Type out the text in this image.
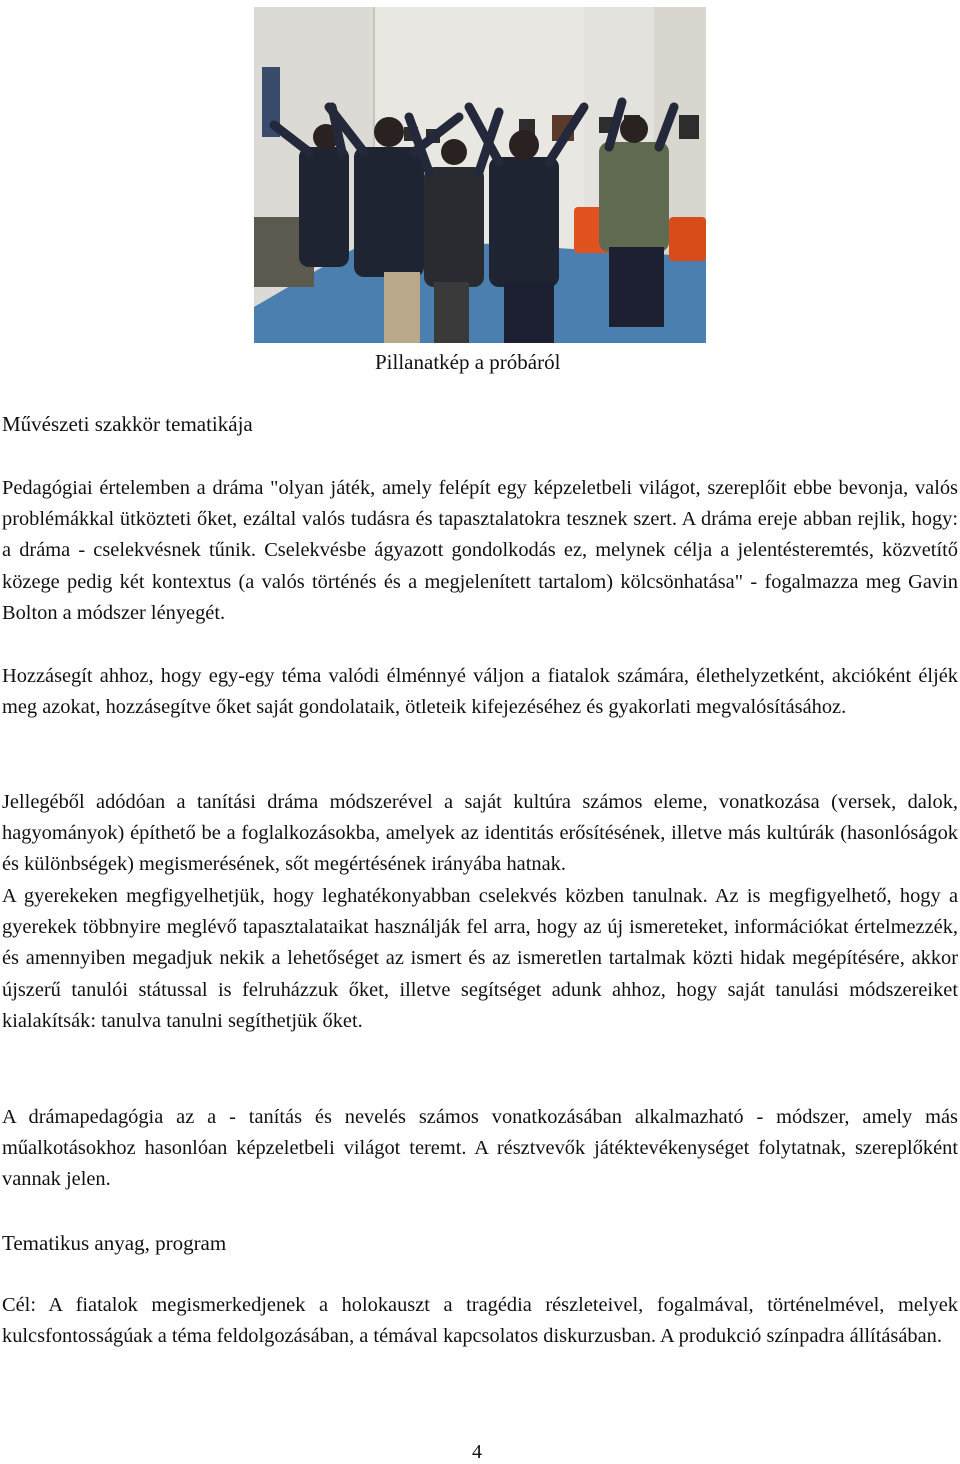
Pillanatkép a próbáról
Művészeti szakkör tematikája

Pedagógiai értelemben a dráma "olyan játék, amely felépít egy képzeletbeli világot, szereplőit ebbe bevonja, valós problémákkal ütközteti őket, ezáltal valós tudásra és tapasztalatokra tesznek szert. A dráma ereje abban rejlik, hogy: a dráma - cselekvésnek tűnik. Cselekvésbe ágyazott gondolkodás ez, melynek célja a jelentésteremtés, közvetítő közege pedig két kontextus (a valós történés és a megjelenített tartalom) kölcsönhatása" - fogalmazza meg Gavin Bolton a módszer lényegét.

Hozzásegít ahhoz, hogy egy-egy téma valódi élménnyé váljon a fiatalok számára, élethelyzetként, akcióként éljék meg azokat, hozzásegítve őket saját gondolataik, ötleteik kifejezéséhez és gyakorlati megvalósításához.

Jellegéből adódóan a tanítási dráma módszerével a saját kultúra számos eleme, vonatkozása (versek, dalok, hagyományok) építhető be a foglalkozásokba, amelyek az identitás erősítésének, illetve más kultúrák (hasonlóságok és különbségek) megismerésének, sőt megértésének irányába hatnak.

A gyerekeken megfigyelhetjük, hogy leghatékonyabban cselekvés közben tanulnak. Az is megfigyelhető, hogy a gyerekek többnyire meglévő tapasztalataikat használják fel arra, hogy az új ismereteket, információkat értelmezzék, és amennyiben megadjuk nekik a lehetőséget az ismert és az ismeretlen tartalmak közti hidak megépítésére, akkor újszerű tanulói státussal is felruházzuk őket, illetve segítséget adunk ahhoz, hogy saját tanulási módszereiket kialakítsák: tanulva tanulni segíthetjük őket.

A drámapedagógia az a - tanítás és nevelés számos vonatkozásában alkalmazható - módszer, amely más műalkotásokhoz hasonlóan képzeletbeli világot teremt. A résztvevők játéktevékenységet folytatnak, szereplőként vannak jelen.

Tematikus anyag, program

Cél: A fiatalok megismerkedjenek a holokauszt a tragédia részleteivel, fogalmával, történelmével, melyek kulcsfontosságúak a téma feldolgozásában, a témával kapcsolatos diskurzusban. A produkció színpadra állításában.

4
